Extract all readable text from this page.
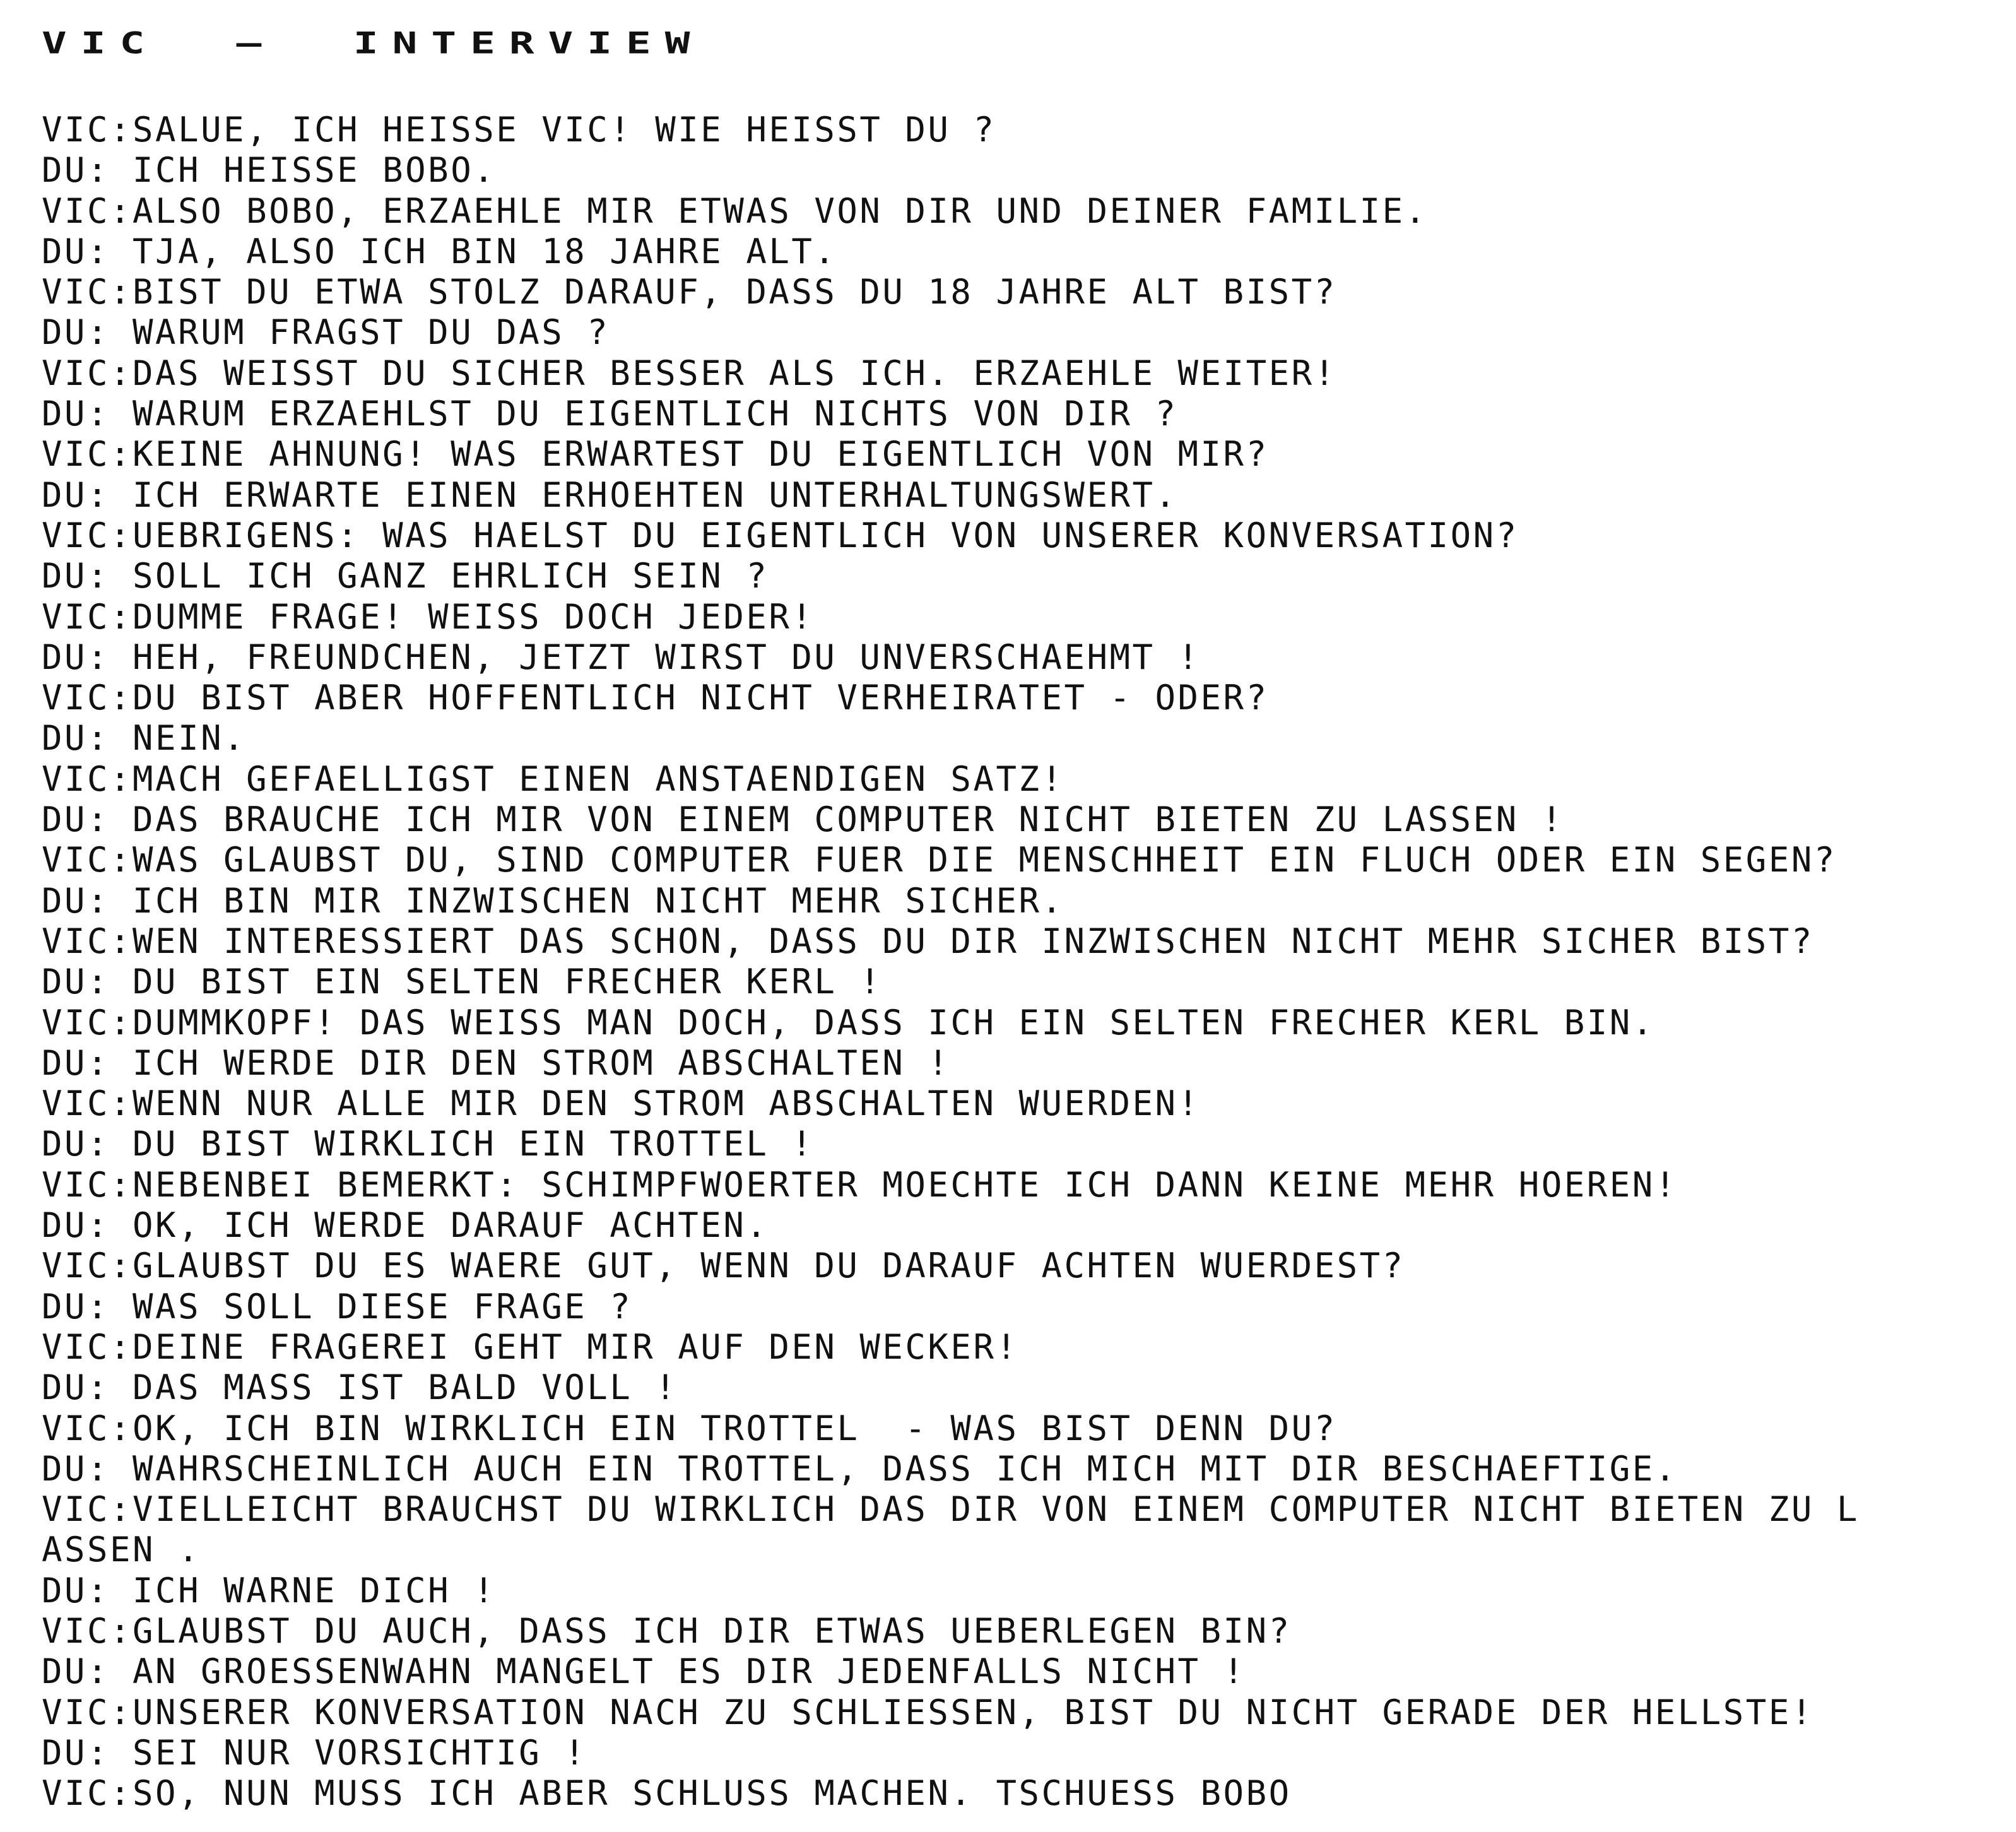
VIC  —  INTERVIEW
VIC:SALUE, ICH HEISSE VIC! WIE HEISST DU ?
DU: ICH HEISSE BOBO.
VIC:ALSO BOBO, ERZAEHLE MIR ETWAS VON DIR UND DEINER FAMILIE.
DU: TJA, ALSO ICH BIN 18 JAHRE ALT.
VIC:BIST DU ETWA STOLZ DARAUF, DASS DU 18 JAHRE ALT BIST?
DU: WARUM FRAGST DU DAS ?
VIC:DAS WEISST DU SICHER BESSER ALS ICH. ERZAEHLE WEITER!
DU: WARUM ERZAEHLST DU EIGENTLICH NICHTS VON DIR ?
VIC:KEINE AHNUNG! WAS ERWARTEST DU EIGENTLICH VON MIR?
DU: ICH ERWARTE EINEN ERHOEHTEN UNTERHALTUNGSWERT.
VIC:UEBRIGENS: WAS HAELST DU EIGENTLICH VON UNSERER KONVERSATION?
DU: SOLL ICH GANZ EHRLICH SEIN ?
VIC:DUMME FRAGE! WEISS DOCH JEDER!
DU: HEH, FREUNDCHEN, JETZT WIRST DU UNVERSCHAEHMT !
VIC:DU BIST ABER HOFFENTLICH NICHT VERHEIRATET - ODER?
DU: NEIN.
VIC:MACH GEFAELLIGST EINEN ANSTAENDIGEN SATZ!
DU: DAS BRAUCHE ICH MIR VON EINEM COMPUTER NICHT BIETEN ZU LASSEN !
VIC:WAS GLAUBST DU, SIND COMPUTER FUER DIE MENSCHHEIT EIN FLUCH ODER EIN SEGEN?
DU: ICH BIN MIR INZWISCHEN NICHT MEHR SICHER.
VIC:WEN INTERESSIERT DAS SCHON, DASS DU DIR INZWISCHEN NICHT MEHR SICHER BIST?
DU: DU BIST EIN SELTEN FRECHER KERL !
VIC:DUMMKOPF! DAS WEISS MAN DOCH, DASS ICH EIN SELTEN FRECHER KERL BIN.
DU: ICH WERDE DIR DEN STROM ABSCHALTEN !
VIC:WENN NUR ALLE MIR DEN STROM ABSCHALTEN WUERDEN!
DU: DU BIST WIRKLICH EIN TROTTEL !
VIC:NEBENBEI BEMERKT: SCHIMPFWOERTER MOECHTE ICH DANN KEINE MEHR HOEREN!
DU: OK, ICH WERDE DARAUF ACHTEN.
VIC:GLAUBST DU ES WAERE GUT, WENN DU DARAUF ACHTEN WUERDEST?
DU: WAS SOLL DIESE FRAGE ?
VIC:DEINE FRAGEREI GEHT MIR AUF DEN WECKER!
DU: DAS MASS IST BALD VOLL !
VIC:OK, ICH BIN WIRKLICH EIN TROTTEL  - WAS BIST DENN DU?
DU: WAHRSCHEINLICH AUCH EIN TROTTEL, DASS ICH MICH MIT DIR BESCHAEFTIGE.
VIC:VIELLEICHT BRAUCHST DU WIRKLICH DAS DIR VON EINEM COMPUTER NICHT BIETEN ZU L
ASSEN .
DU: ICH WARNE DICH !
VIC:GLAUBST DU AUCH, DASS ICH DIR ETWAS UEBERLEGEN BIN?
DU: AN GROESSENWAHN MANGELT ES DIR JEDENFALLS NICHT !
VIC:UNSERER KONVERSATION NACH ZU SCHLIESSEN, BIST DU NICHT GERADE DER HELLSTE!
DU: SEI NUR VORSICHTIG !
VIC:SO, NUN MUSS ICH ABER SCHLUSS MACHEN. TSCHUESS BOBO
